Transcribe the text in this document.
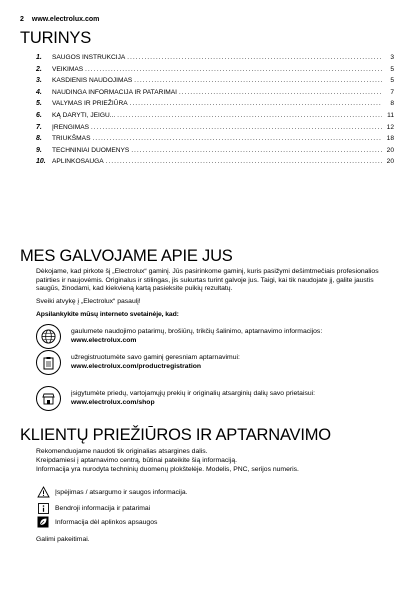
2 www.electrolux.com
TURINYS
1.	SAUGOS INSTRUKCIJA .....	3
2.	VEIKIMAS .....	5
3.	KASDIENIS NAUDOJIMAS .....	5
4.	NAUDINGA INFORMACIJA IR PATARIMAI .....	7
5.	VALYMAS IR PRIEŽIŪRA .....	8
6.	KĄ DARYTI, JEIGU... .....	11
7.	ĮRENGIMAS .....	12
8.	TRIUKŠMAS .....	18
9.	TECHNINIAI DUOMENYS .....	20
10. APLINKOSAUGA .....	20
MES GALVOJAME APIE JUS
Dėkojame, kad pirkote šį „Electrolux“ gaminį. Jūs pasirinkome gaminį, kuris pasižymi dešimtmečiais profesionalios patirties ir naujovėmis. Originalus ir stilingas, jis sukurtas turint galvoje jus. Taigi, kai tik naudojate jį, galite jaustis saugūs, žinodami, kad kiekvieną kartą pasieksite puikių rezultatų.
Sveiki atvykę į „Electrolux“ pasaulį!
Apsilankykite mūsų interneto svetainėje, kad:
gaulumete naudojimo patarimų, brošiūrų, trikčių šalinimo, aptarnavimo informacijos:
www.electrolux.com
užregistruotumėte savo gaminį geresniam aptarnavimui:
www.electrolux.com/productregistration
įsigytumėte priedų, vartojamųjų prekių ir originalių atsarginių dalių savo prietaisui:
www.electrolux.com/shop
KLIENTŲ PRIEŽIŪROS IR APTARNAVIMO
Rekomenduojame naudoti tik originalias atsargines dalis.
Kreipdamiesi į aptarnavimo centrą, būtinai pateikite šią informaciją.
Informacija yra nurodyta techninių duomenų plokštelėje. Modelis, PNC, serijos numeris.
Įspėjimas / atsargumo ir saugos informacija.
Bendroji informacija ir patarimai
Informacija dėl aplinkos apsaugos
Galimi pakeitimai.
